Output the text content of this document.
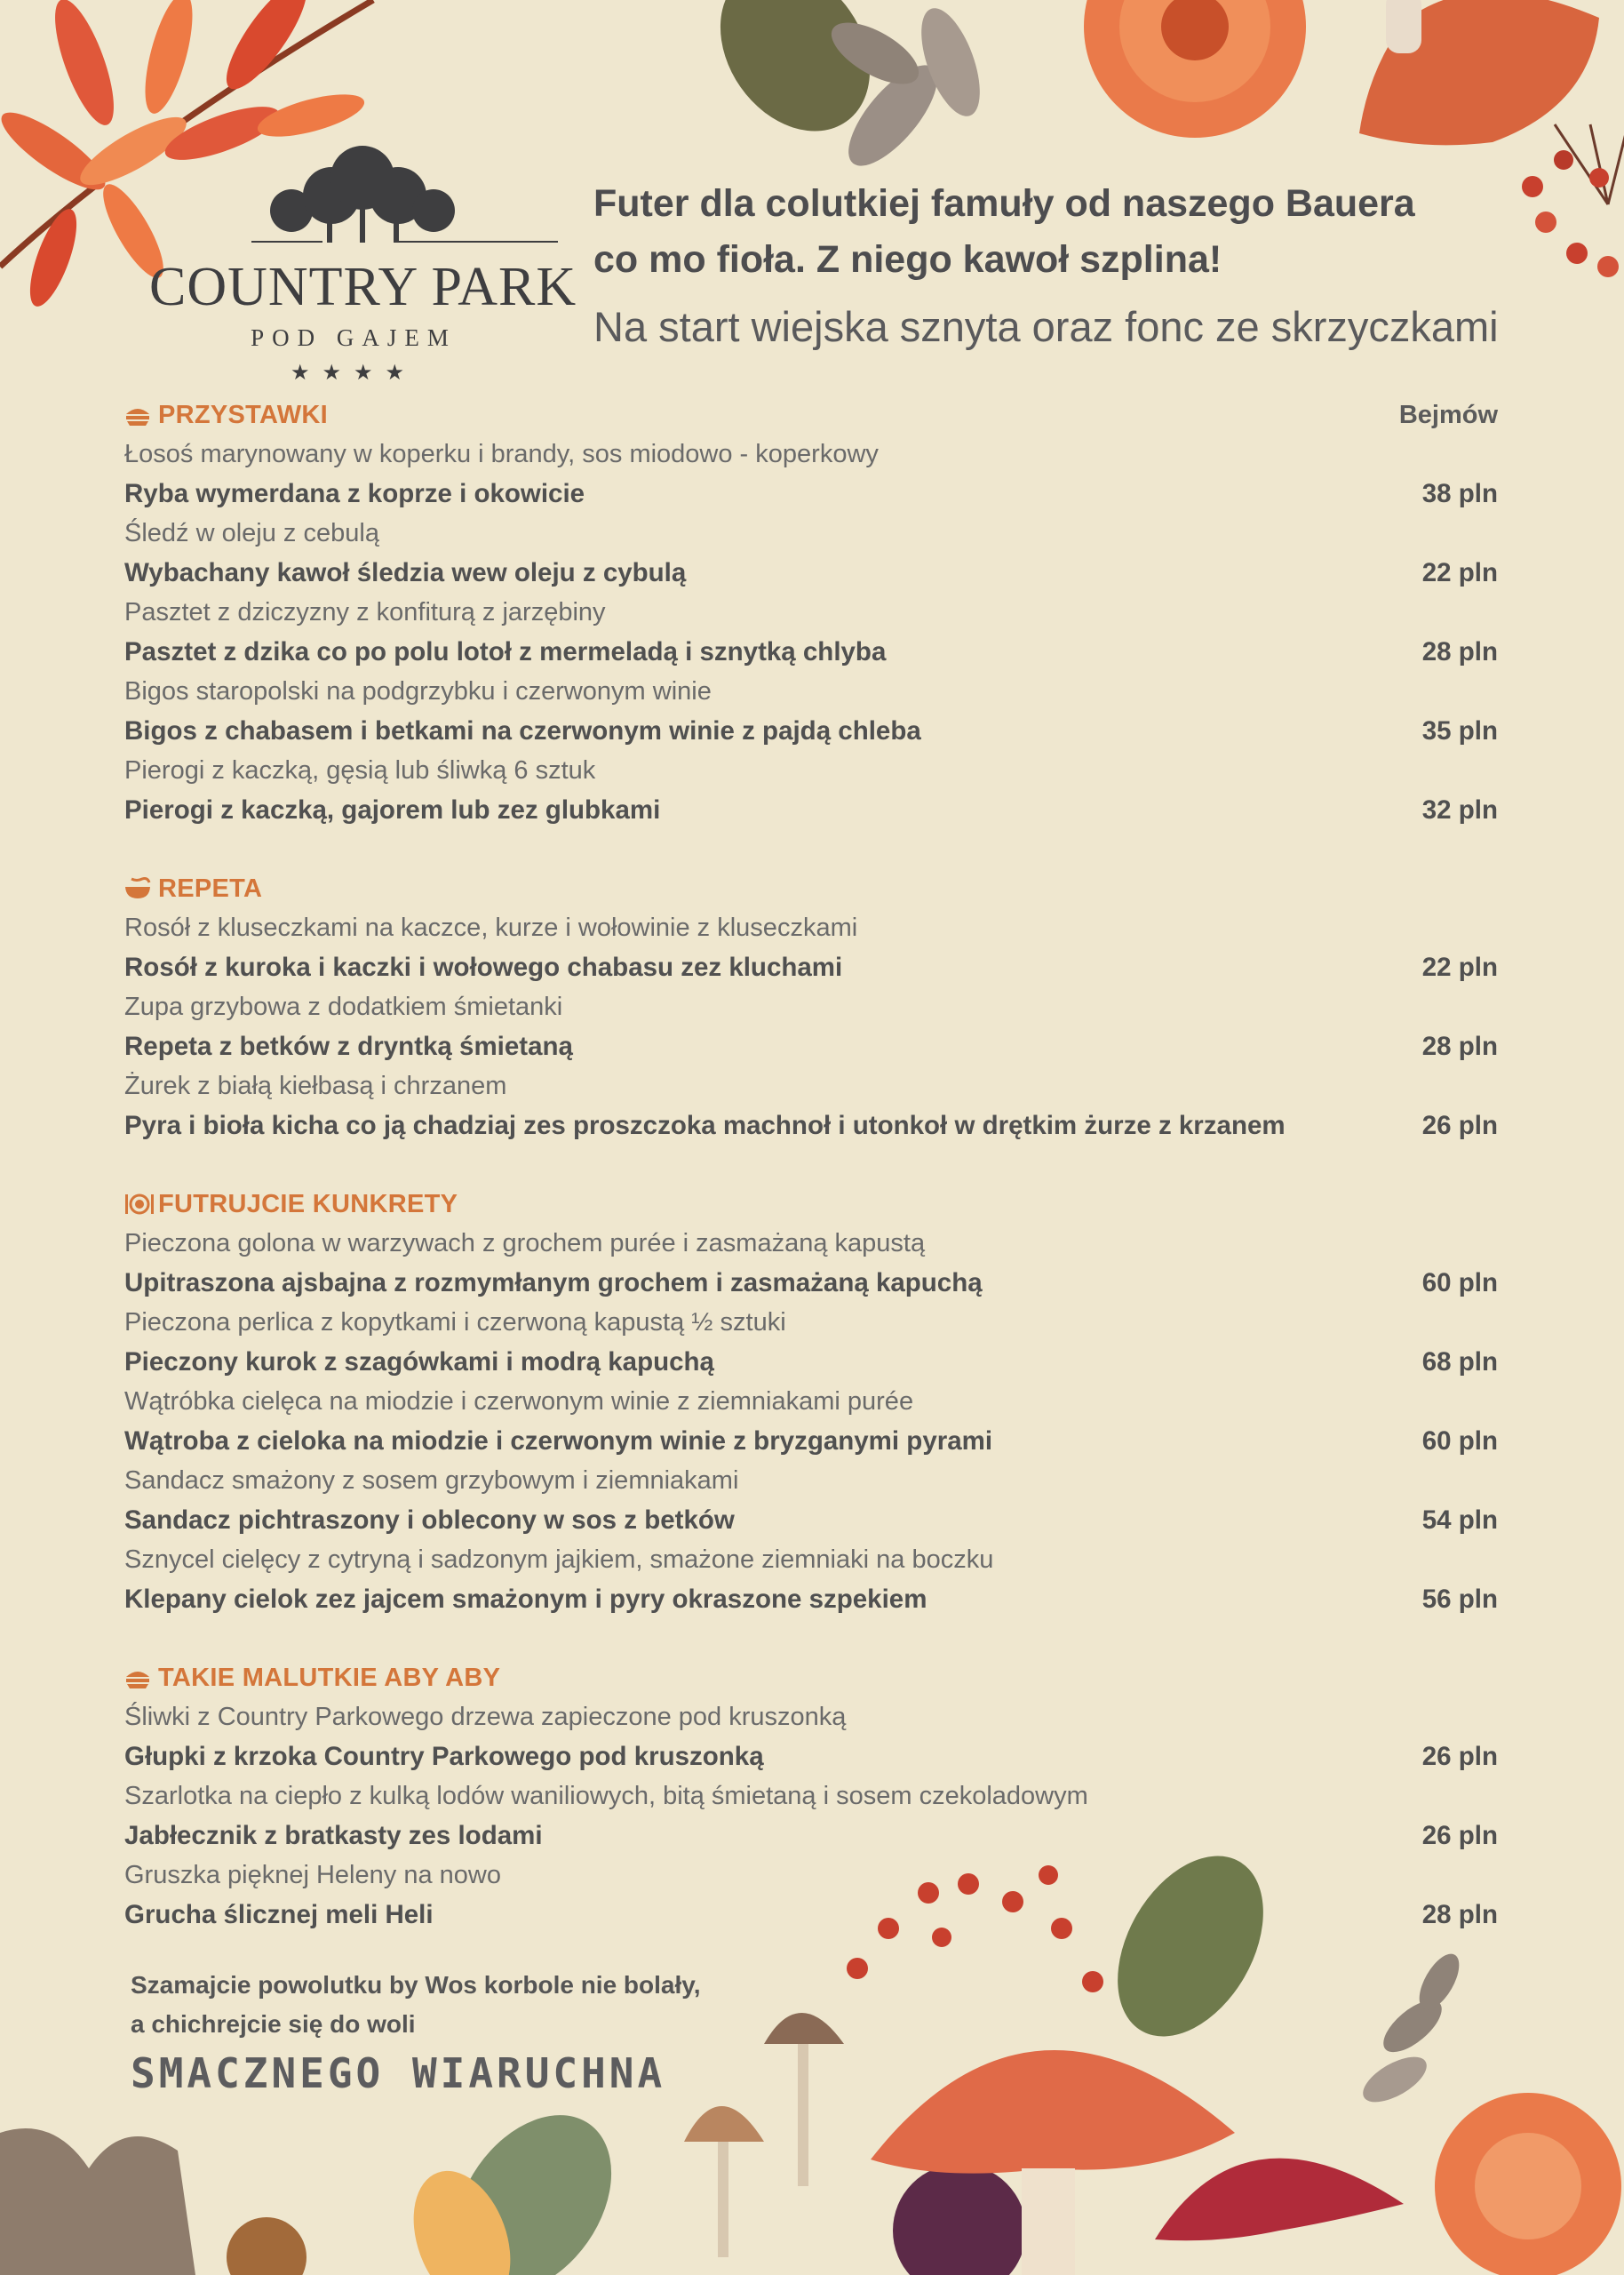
COUNTRY PARK
POD GAJEM
★★★★
Futer dla colutkiej famuły od naszego Bauera
co mo fioła. Z niego kawoł szplina!
Na start wiejska sznyta oraz fonc ze skrzyczkami
PRZYSTAWKI	Bejmów
Łosoś marynowany w koperku i brandy, sos miodowo - koperkowy
Ryba wymerdana z koprze i okowicie	38 pln
Śledź w oleju z cebulą
Wybachany kawoł śledzia wew oleju z cybulą	22 pln
Pasztet z dziczyzny z konfiturą z jarzębiny
Pasztet z dzika co po polu lotoł z mermeladą i sznytką chlyba	28 pln
Bigos staropolski na podgrzybku i czerwonym winie
Bigos z chabasem i betkami na czerwonym winie z pajdą chleba	35 pln
Pierogi z kaczką, gęsią lub śliwką 6 sztuk
Pierogi z kaczką, gajorem lub zez glubkami	32 pln
REPETA
Rosół z kluseczkami na kaczce, kurze i wołowinie z kluseczkami
Rosół z kuroka i kaczki i wołowego chabasu zez kluchami	22 pln
Zupa grzybowa z dodatkiem śmietanki
Repeta z betków z dryntką śmietaną	28 pln
Żurek z białą kiełbasą i chrzanem
Pyra i bioła kicha co ją chadziaj zes proszczoka machnoł i utonkoł w drętkim żurze z krzanem	26 pln
FUTRUJCIE KUNKRETY
Pieczona golona w warzywach z grochem purée i zasmażaną kapustą
Upitraszona ajsbajna z rozmymłanym grochem i zasmażaną kapuchą	60 pln
Pieczona perlica z kopytkami i czerwoną kapustą ½ sztuki
Pieczony kurok z szagówkami i modrą kapuchą	68 pln
Wątróbka cielęca na miodzie i czerwonym winie z ziemniakami purée
Wątroba z cieloka na miodzie i czerwonym winie z bryzganymi pyrami	60 pln
Sandacz smażony z sosem grzybowym i ziemniakami
Sandacz pichtraszony i oblecony w sos z betków	54 pln
Sznycel cielęcy z cytryną i sadzonym jajkiem, smażone ziemniaki na boczku
Klepany cielok zez jajcem smażonym i pyry okraszone szpekiem	56 pln
TAKIE MALUTKIE ABY ABY
Śliwki z Country Parkowego drzewa zapieczone pod kruszonką
Głupki z krzoka Country Parkowego pod kruszonką	26 pln
Szarlotka na ciepło z kulką lodów waniliowych, bitą śmietaną i sosem czekoladowym
Jabłecznik z bratkasty zes lodami	26 pln
Gruszka pięknej Heleny na nowo
Grucha ślicznej meli Heli	28 pln
Szamajcie powolutku by Wos korbole nie bolały,
a chichrejcie się do woli
SMACZNEGO WIARUCHNA
